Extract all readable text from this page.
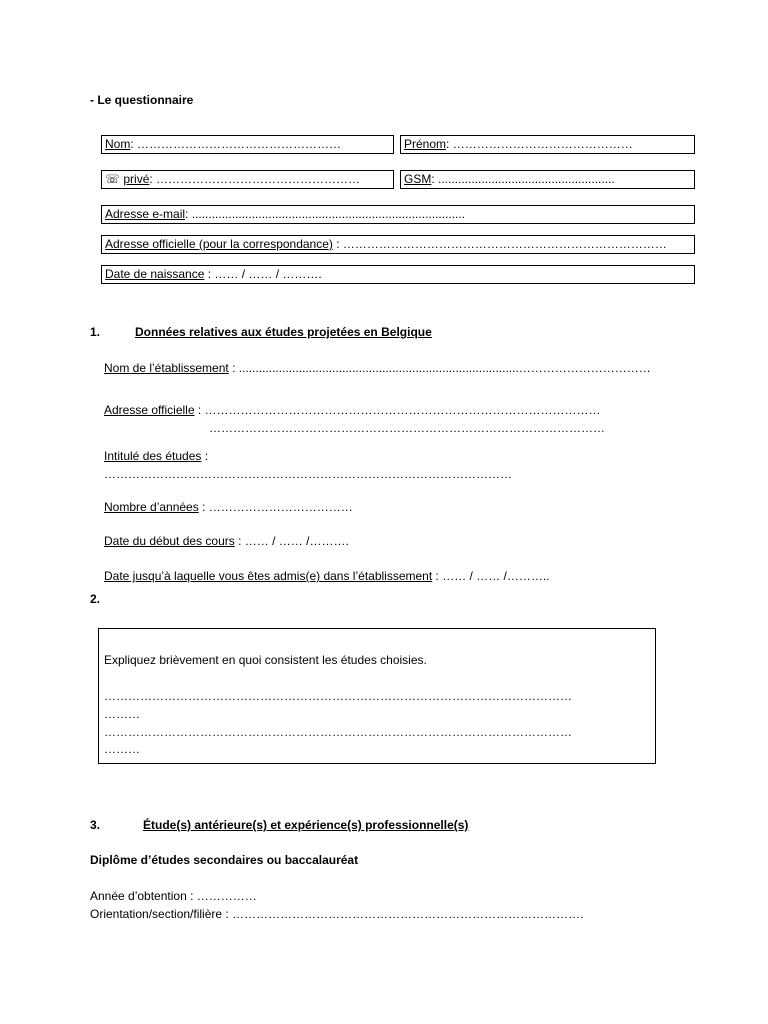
- Le questionnaire
Nom: ……………………………………………	Prénom: ………………………………………
☏ privé: ……………………………………………	GSM: .....................................................
Adresse e-mail: ..................................................................................
Adresse officielle (pour la correspondance) : ………………………………………………………………………
Date de naissance : …… / …… / ……….
1.	Données relatives aux études projetées en Belgique
Nom de l’établissement : ....................................................................................……………………………
Adresse officielle : ………………………………………………………………………………………
………………………………………………………………………………………
Intitulé des études :
…………………………………………………………………………………………
Nombre d’années : ………………………………
Date du début des cours : …… / …… /……….
Date jusqu’à laquelle vous êtes admis(e) dans l’établissement : …… / …… /………..
2.
Expliquez brièvement en quoi consistent les études choisies.
………………………………………………………………………………………………………
………
………………………………………………………………………………………………………
………
3.	Étude(s) antérieure(s) et expérience(s) professionnelle(s)
Diplôme d’études secondaires ou baccalauréat
Année d’obtention : ……………
Orientation/section/filière : …………………………………………………………………………….
